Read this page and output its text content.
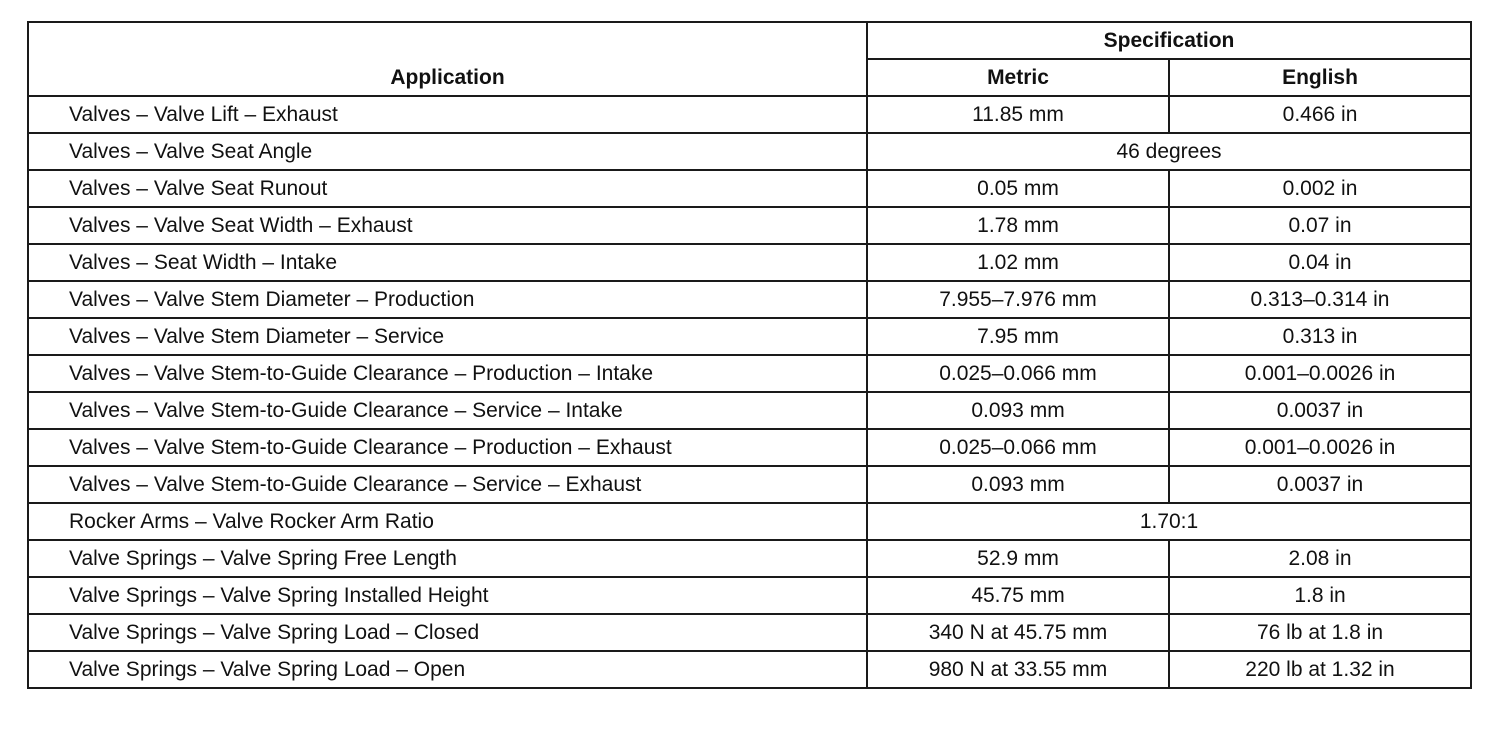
Application	Specification	
	Metric	English
Valves – Valve Lift – Exhaust	11.85 mm	0.466 in
Valves – Valve Seat Angle	46 degrees	
Valves – Valve Seat Runout	0.05 mm	0.002 in
Valves – Valve Seat Width – Exhaust	1.78 mm	0.07 in
Valves – Seat Width – Intake	1.02 mm	0.04 in
Valves – Valve Stem Diameter – Production	7.955–7.976 mm	0.313–0.314 in
Valves – Valve Stem Diameter – Service	7.95 mm	0.313 in
Valves – Valve Stem-to-Guide Clearance – Production – Intake	0.025–0.066 mm	0.001–0.0026 in
Valves – Valve Stem-to-Guide Clearance – Service – Intake	0.093 mm	0.0037 in
Valves – Valve Stem-to-Guide Clearance – Production – Exhaust	0.025–0.066 mm	0.001–0.0026 in
Valves – Valve Stem-to-Guide Clearance – Service – Exhaust	0.093 mm	0.0037 in
Rocker Arms – Valve Rocker Arm Ratio	1.70:1	
Valve Springs – Valve Spring Free Length	52.9 mm	2.08 in
Valve Springs – Valve Spring Installed Height	45.75 mm	1.8 in
Valve Springs – Valve Spring Load – Closed	340 N at 45.75 mm	76 lb at 1.8 in
Valve Springs – Valve Spring Load – Open	980 N at 33.55 mm	220 lb at 1.32 in
